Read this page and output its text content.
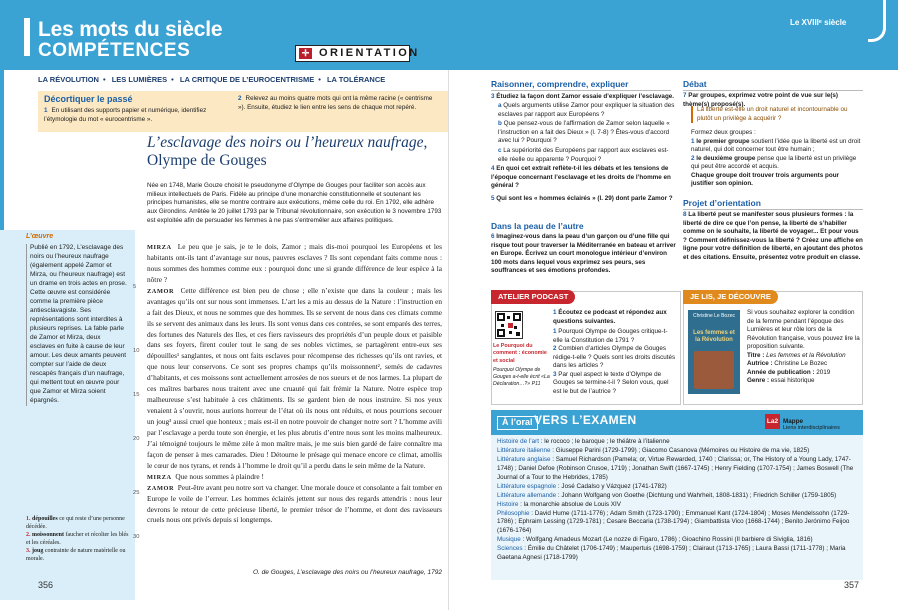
Les mots du siècle
COMPÉTENCES	✛ ORIENTATION
Le XVIIIᵉ siècle
LA RÉVOLUTION • LES LUMIÈRES • LA CRITIQUE DE L’EUROCENTRISME • LA TOLÉRANCE
Décortiquer le passé
1 En utilisant des supports papier et numérique, identifiez l’étymologie du mot « eurocentrisme ».
2 Relevez au moins quatre mots qui ont la même racine (« centrisme »). Ensuite, étudiez le lien entre les sens de chaque mot repéré.
L’œuvre
Publié en 1792, L’esclavage des noirs ou l’heureux naufrage (également appelé Zamor et Mirza, ou l’heureux naufrage) est un drame en trois actes en prose. Cette œuvre est considérée comme la première pièce antiesclavagiste. Ses représentations sont interdites à plusieurs reprises. La fable parle de Zamor et Mirza, deux esclaves en fuite à cause de leur amour. Les deux amants peuvent compter sur l’aide de deux rescapés français d’un naufrage, qui mettent tout en œuvre pour que Zamor et Mirza soient épargnés.
L’esclavage des noirs ou l’heureux naufrage, Olympe de Gouges
Née en 1748, Marie Gouze choisit le pseudonyme d’Olympe de Gouges pour faciliter son accès aux milieux intellectuels de Paris. Fidèle au principe d’une monarchie constitutionnelle et soutenant les principes humanistes, elle se montre contraire aux exécutions, même celle du roi. En 1792, elle adhère aux Girondins. Arrêtée le 20 juillet 1793 par le Tribunal révolutionnaire, son exécution le 3 novembre 1793 est exploitée afin de persuader les femmes à ne pas s’entremêler aux affaires politiques.

MIRZA Le peu que je sais, je te le dois, Zamor ; mais dis-moi pourquoi les Européens et les habitants ont-ils tant d’avantage sur nous, pauvres esclaves ? Ils sont cependant faits comme nous : nous sommes des hommes comme eux : pourquoi donc une si grande différence de leur espèce à la nôtre ?

ZAMOR Cette différence est bien peu de chose ; elle n’existe que dans la couleur ; mais les avantages qu’ils ont sur nous sont immenses. L’art les a mis au dessus de la Nature : l’instruction en a fait des Dieux, et nous ne sommes que des hommes. Ils se servent de nous dans ces climats comme ils se servent des animaux dans les leurs. Ils sont venus dans ces contrées, se sont emparés des terres, des fortunes des Naturels des Iles, et ces fiers ravisseurs des propriétés d’un peuple doux et paisible dans ses foyers, firent couler tout le sang de ses nobles victimes, se partagèrent entre-eux ses dépouilles¹ sanglantes, et nous ont faits esclaves pour récompense des richesses qu’ils ont ravies, et que nous leur conservons. Ce sont ses propres champs qu’ils moissonnent², semés de cadavres d’habitants, et ces moissons sont actuellement arrosées de nos sueurs et de nos larmes. La plupart de ces maîtres barbares nous traitent avec une cruauté qui fait frémir la Nature. Notre espèce trop malheureuse s’est habituée à ces châtiments. Ils se gardent bien de nous instruire. Si nos yeux venaient à s’ouvrir, nous aurions horreur de l’état où ils nous ont réduits, et nous pourrions secouer un joug³ aussi cruel que honteux ; mais est-il en notre pouvoir de changer notre sort ? L’homme avili par l’esclavage a perdu toute son énergie, et les plus abrutis d’entre nous sont les moins malheureux. J’ai témoigné toujours le même zèle à mon maître mais, je me suis bien gardé de faire connaître ma façon de penser à mes camarades. Dieu ! Détourne le présage qui menace encore ce climat, amollis le cœur de nos tyrans, et rends à l’homme le droit qu’il a perdu dans le sein même de la Nature.

MIRZA Que nous sommes à plaindre !

ZAMOR Peut-être avant peu notre sort va changer. Une morale douce et consolante a fait tomber en Europe le voile de l’erreur. Les hommes éclairés jettent sur nous des regards attendris : nous leur devrons le retour de cette précieuse liberté, le premier trésor de l’homme, et dont des ravisseurs cruels nous ont privés depuis si longtemps.

5
10
15
20
25
30
O. de Gouges, L’esclavage des noirs ou l’heureux naufrage, 1792
1. dépouilles ce qui reste d’une personne décédée.
2. moissonnent faucher et récolter les blés et les céréales.
3. joug contrainte de nature matérielle ou morale.
356	357
Raisonner, comprendre, expliquer
3 Étudiez la façon dont Zamor essaie d’expliquer l’esclavage.
a Quels arguments utilise Zamor pour expliquer la situation des esclaves par rapport aux Européens ?
b Que pensez-vous de l’affirmation de Zamor selon laquelle « l’instruction en a fait des Dieux » (l. 7-8) ? Êtes-vous d’accord avec lui ? Pourquoi ?
c La supériorité des Européens par rapport aux esclaves est-elle réelle ou apparente ? Pourquoi ?
4 En quoi cet extrait reflète-t-il les débats et les tensions de l’époque concernant l’esclavage et les droits de l’homme en général ?
5 Qui sont les « hommes éclairés » (l. 29) dont parle Zamor ?
Dans la peau de l’autre
6 Imaginez-vous dans la peau d’un garçon ou d’une fille qui risque tout pour traverser la Méditerranée en bateau et arriver en Europe. Écrivez un court monologue intérieur d’environ 100 mots dans lequel vous exprimez ses peurs, ses souffrances et ses émotions profondes.
Débat
7 Par groupes, exprimez votre point de vue sur le(s) thème(s) proposé(s).
La liberté est-elle un droit naturel et incontournable ou plutôt un privilège à acquérir ?
Formez deux groupes :
1 le premier groupe soutient l’idée que la liberté est un droit naturel, qui doit concerner tout être humain ;
2 le deuxième groupe pense que la liberté est un privilège qui peut être accordé et acquis.
Chaque groupe doit trouver trois arguments pour justifier son opinion.
Projet d’orientation
8 La liberté peut se manifester sous plusieurs formes : la liberté de dire ce que l’on pense, la liberté de s’habiller comme on le souhaite, la liberté de voyager... Et pour vous ? Comment définissez-vous la liberté ? Créez une affiche en ligne pour votre définition de liberté, en ajoutant des photos et des citations. Ensuite, présentez votre produit en classe.
ATELIER PODCAST
Le Pourquoi du comment : économie et social
Pourquoi Olympe de Gouges a-t-elle écrit «La Déclaration…?» P11
1 Écoutez ce podcast et répondez aux questions suivantes.
1 Pourquoi Olympe de Gouges critique-t-elle la Constitution de 1791 ?
2 Combien d’articles Olympe de Gouges rédige-t-elle ? Quels sont les droits discutés dans les articles ?
3 Par quel aspect le texte d’Olympe de Gouges se termine-t-il ? Selon vous, quel est le but de l’autrice ?
JE LIS, JE DÉCOUVRE
Christine Le Bozec
Les femmes et la Révolution
Si vous souhaitez explorer la condition de la femme pendant l’époque des Lumières et leur rôle lors de la Révolution française, vous pouvez lire la proposition suivante.
Titre : Les femmes et la Révolution
Autrice : Christine Le Bozec
Année de publication : 2019
Genre : essai historique
À l’oral VERS L’EXAMEN	La2 Mappe
Liens interdisciplinaires
Histoire de l’art : le rococo ; le baroque ; le théâtre à l’italienne
Littérature italienne : Giuseppe Parini (1729-1799) ; Giacomo Casanova (Mémoires ou Histoire de ma vie, 1825)
Littérature anglaise : Samuel Richardson (Pamela; or, Virtue Rewarded, 1740 ; Clarissa; or, The History of a Young Lady, 1747-1748) ; Daniel Defoe (Robinson Crusoe, 1719) ; Jonathan Swift (1667-1745) ; Henry Fielding (1707-1754) ; James Boswell (The Journal of a Tour to the Hebrides, 1785)
Littérature espagnole : José Cadalso y Vázquez (1741-1782)
Littérature allemande : Johann Wolfgang von Goethe (Dichtung und Wahrheit, 1808-1831) ; Friedrich Schiller (1759-1805)
Histoire : la monarchie absolue de Louis XIV
Philosophie : David Hume (1711-1776) ; Adam Smith (1723-1790) ; Emmanuel Kant (1724-1804) ; Moses Mendelssohn (1729-1786) ; Ephraim Lessing (1729-1781) ; Cesare Beccaria (1738-1794) ; Giambattista Vico (1668-1744) ; Benito Jerónimo Feijoo (1676-1764)
Musique : Wolfgang Amadeus Mozart (Le nozze di Figaro, 1786) ; Gioachino Rossini (Il barbiere di Siviglia, 1816)
Sciences : Émilie du Châtelet (1706-1749) ; Maupertuis (1698-1759) ; Clairaut (1713-1765) ; Laura Bassi (1711-1778) ; Maria Gaetana Agnesi (1718-1799)
